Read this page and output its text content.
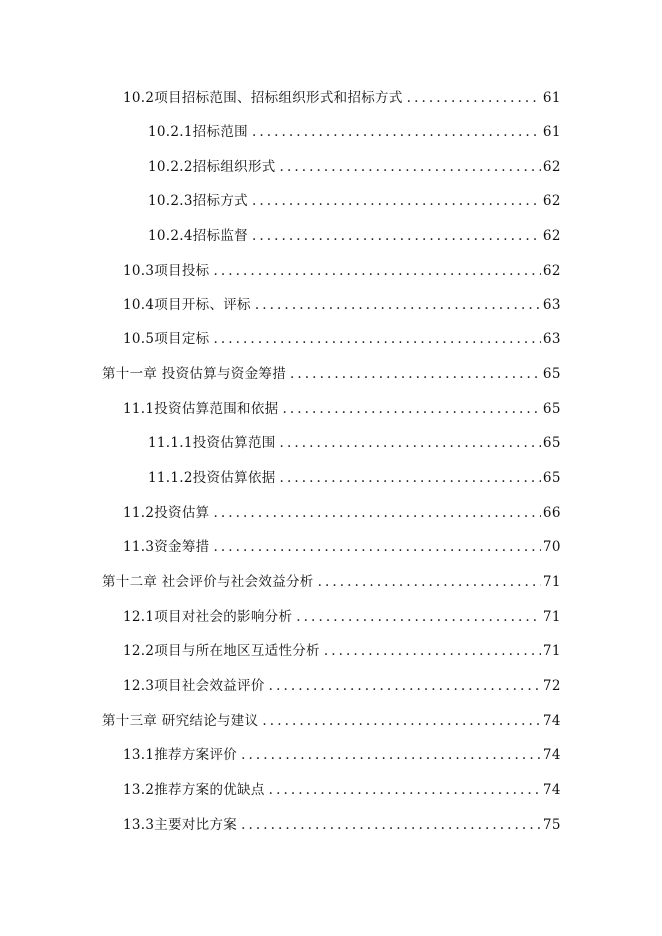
10.2项目招标范围、招标组织形式和招标方式 .....	61
10.2.1招标范围 .....	61
10.2.2招标组织形式 .....	62
10.2.3招标方式 .....	62
10.2.4招标监督 .....	62
10.3项目投标 .....	62
10.4项目开标、评标 .....	63
10.5项目定标 .....	63
第十一章 投资估算与资金筹措 .....	65
11.1投资估算范围和依据 .....	65
11.1.1投资估算范围 .....	65
11.1.2投资估算依据 .....	65
11.2投资估算 .....	66
11.3资金筹措 .....	70
第十二章 社会评价与社会效益分析 .....	71
12.1项目对社会的影响分析 .....	71
12.2项目与所在地区互适性分析 .....	71
12.3项目社会效益评价 .....	72
第十三章 研究结论与建议 .....	74
13.1推荐方案评价 .....	74
13.2推荐方案的优缺点 .....	74
13.3主要对比方案 .....	75
